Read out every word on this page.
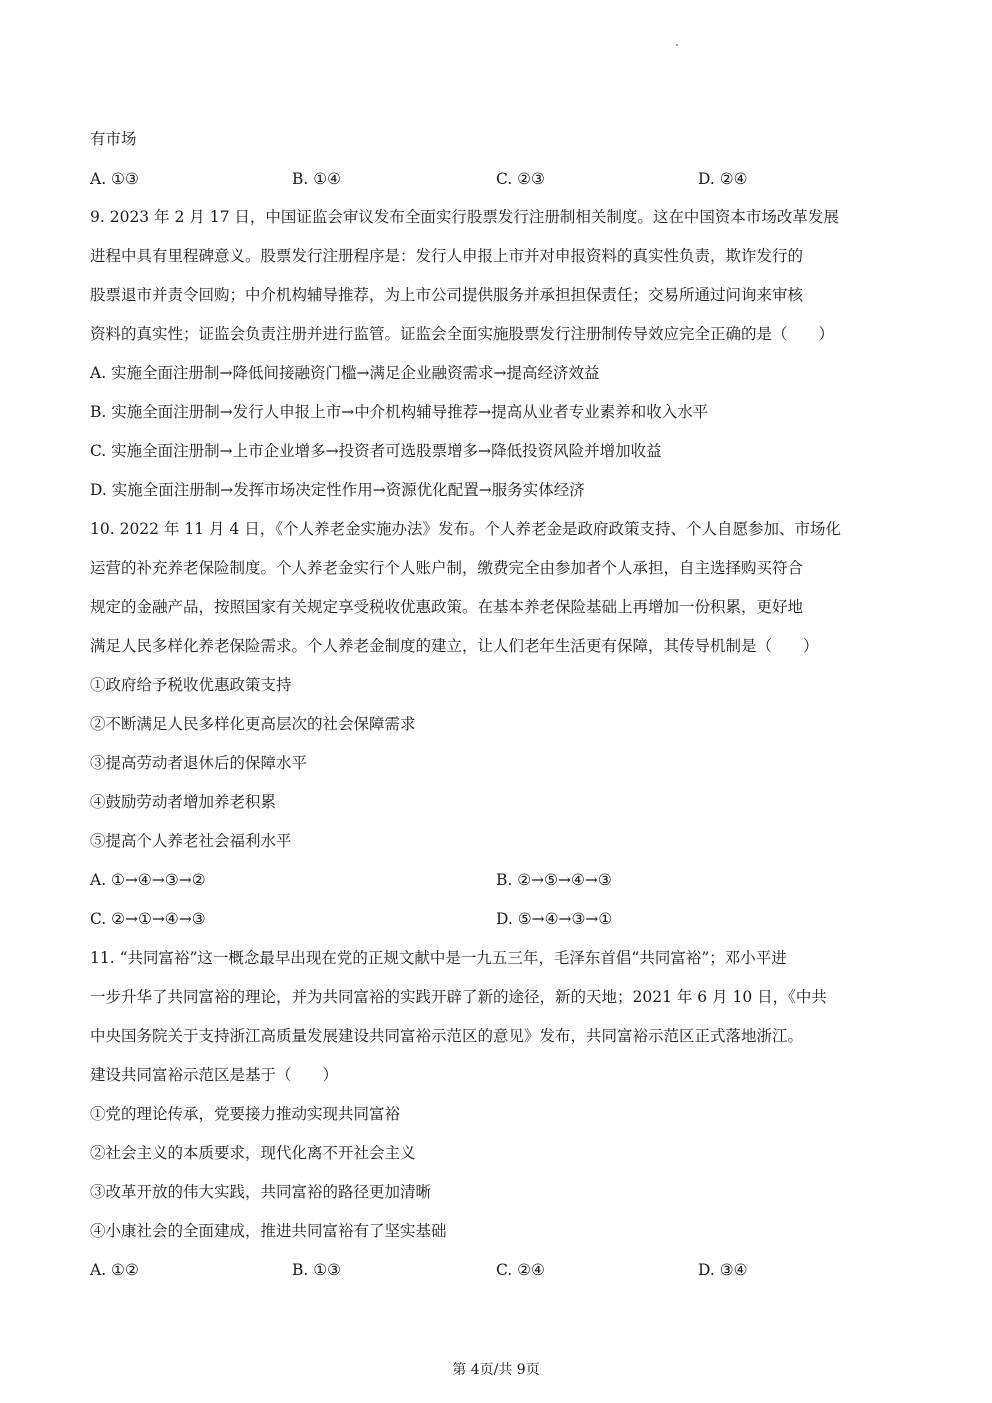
有市场
A. ①③	B. ①④	C. ②③	D. ②④
9. 2023 年 2 月 17 日，中国证监会审议发布全面实行股票发行注册制相关制度。这在中国资本市场改革发展
进程中具有里程碑意义。股票发行注册程序是：发行人申报上市并对申报资料的真实性负责，欺诈发行的
股票退市并责令回购；中介机构辅导推荐，为上市公司提供服务并承担担保责任；交易所通过问询来审核
资料的真实性；证监会负责注册并进行监管。证监会全面实施股票发行注册制传导效应完全正确的是（　　）
A. 实施全面注册制→降低间接融资门槛→满足企业融资需求→提高经济效益
B. 实施全面注册制→发行人申报上市→中介机构辅导推荐→提高从业者专业素养和收入水平
C. 实施全面注册制→上市企业增多→投资者可选股票增多→降低投资风险并增加收益
D. 实施全面注册制→发挥市场决定性作用→资源优化配置→服务实体经济
10. 2022 年 11 月 4 日，《个人养老金实施办法》发布。个人养老金是政府政策支持、个人自愿参加、市场化
运营的补充养老保险制度。个人养老金实行个人账户制，缴费完全由参加者个人承担，自主选择购买符合
规定的金融产品，按照国家有关规定享受税收优惠政策。在基本养老保险基础上再增加一份积累，更好地
满足人民多样化养老保险需求。个人养老金制度的建立，让人们老年生活更有保障，其传导机制是（　　）
①政府给予税收优惠政策支持
②不断满足人民多样化更高层次的社会保障需求
③提高劳动者退休后的保障水平
④鼓励劳动者增加养老积累
⑤提高个人养老社会福利水平
A. ①→④→③→②	B. ②→⑤→④→③
C. ②→①→④→③	D. ⑤→④→③→①
11. “共同富裕”这一概念最早出现在党的正规文献中是一九五三年，毛泽东首倡“共同富裕”；邓小平进
一步升华了共同富裕的理论，并为共同富裕的实践开辟了新的途径，新的天地；2021 年 6 月 10 日，《中共
中央国务院关于支持浙江高质量发展建设共同富裕示范区的意见》发布，共同富裕示范区正式落地浙江。
建设共同富裕示范区是基于（　　）
①党的理论传承，党要接力推动实现共同富裕
②社会主义的本质要求，现代化离不开社会主义
③改革开放的伟大实践，共同富裕的路径更加清晰
④小康社会的全面建成，推进共同富裕有了坚实基础
A. ①②	B. ①③	C. ②④	D. ③④
第 4页/共 9页
